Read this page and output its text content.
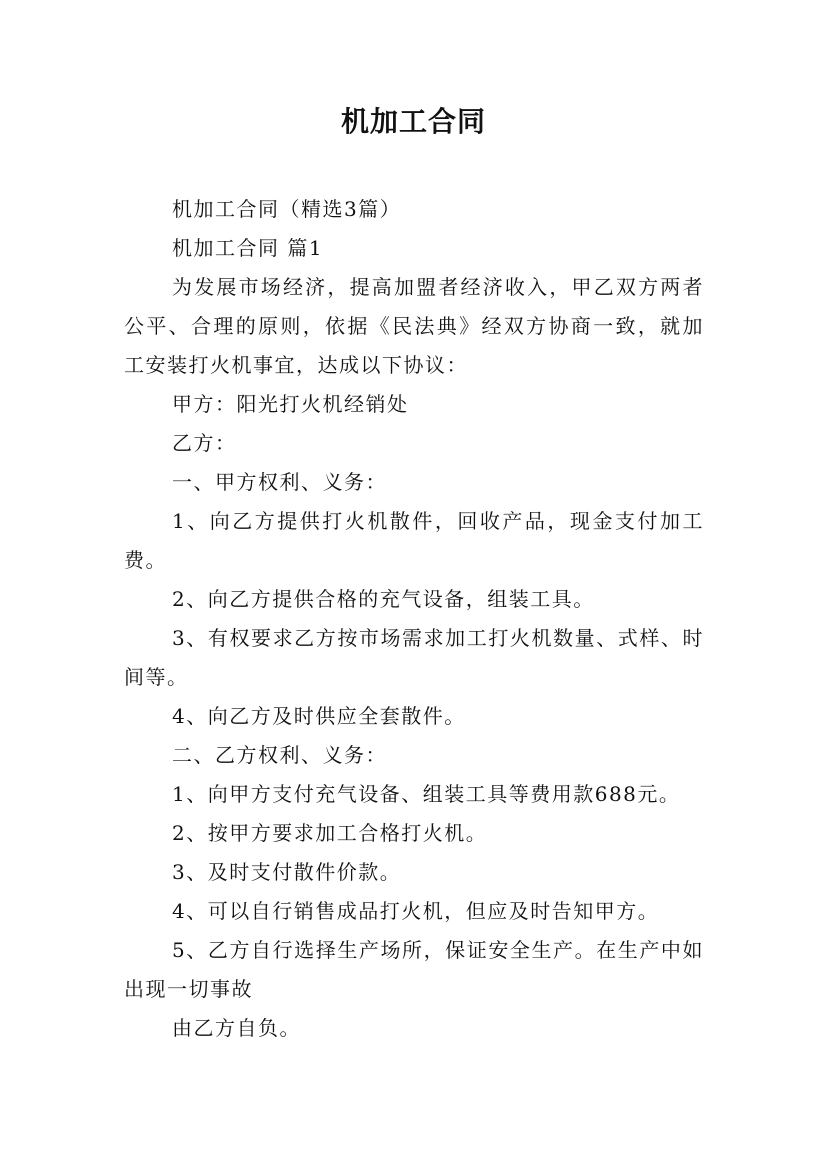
机加工合同

机加工合同（精选3篇）

机加工合同 篇1

为发展市场经济，提高加盟者经济收入，甲乙双方两者公平、合理的原则，依据《民法典》经双方协商一致，就加工安装打火机事宜，达成以下协议：

甲方：阳光打火机经销处

乙方：

一、甲方权利、义务：

1、向乙方提供打火机散件，回收产品，现金支付加工费。

2、向乙方提供合格的充气设备，组装工具。

3、有权要求乙方按市场需求加工打火机数量、式样、时间等。

4、向乙方及时供应全套散件。

二、乙方权利、义务：

1、向甲方支付充气设备、组装工具等费用款688元。

2、按甲方要求加工合格打火机。

3、及时支付散件价款。

4、可以自行销售成品打火机，但应及时告知甲方。

5、乙方自行选择生产场所，保证安全生产。在生产中如出现一切事故

由乙方自负。
